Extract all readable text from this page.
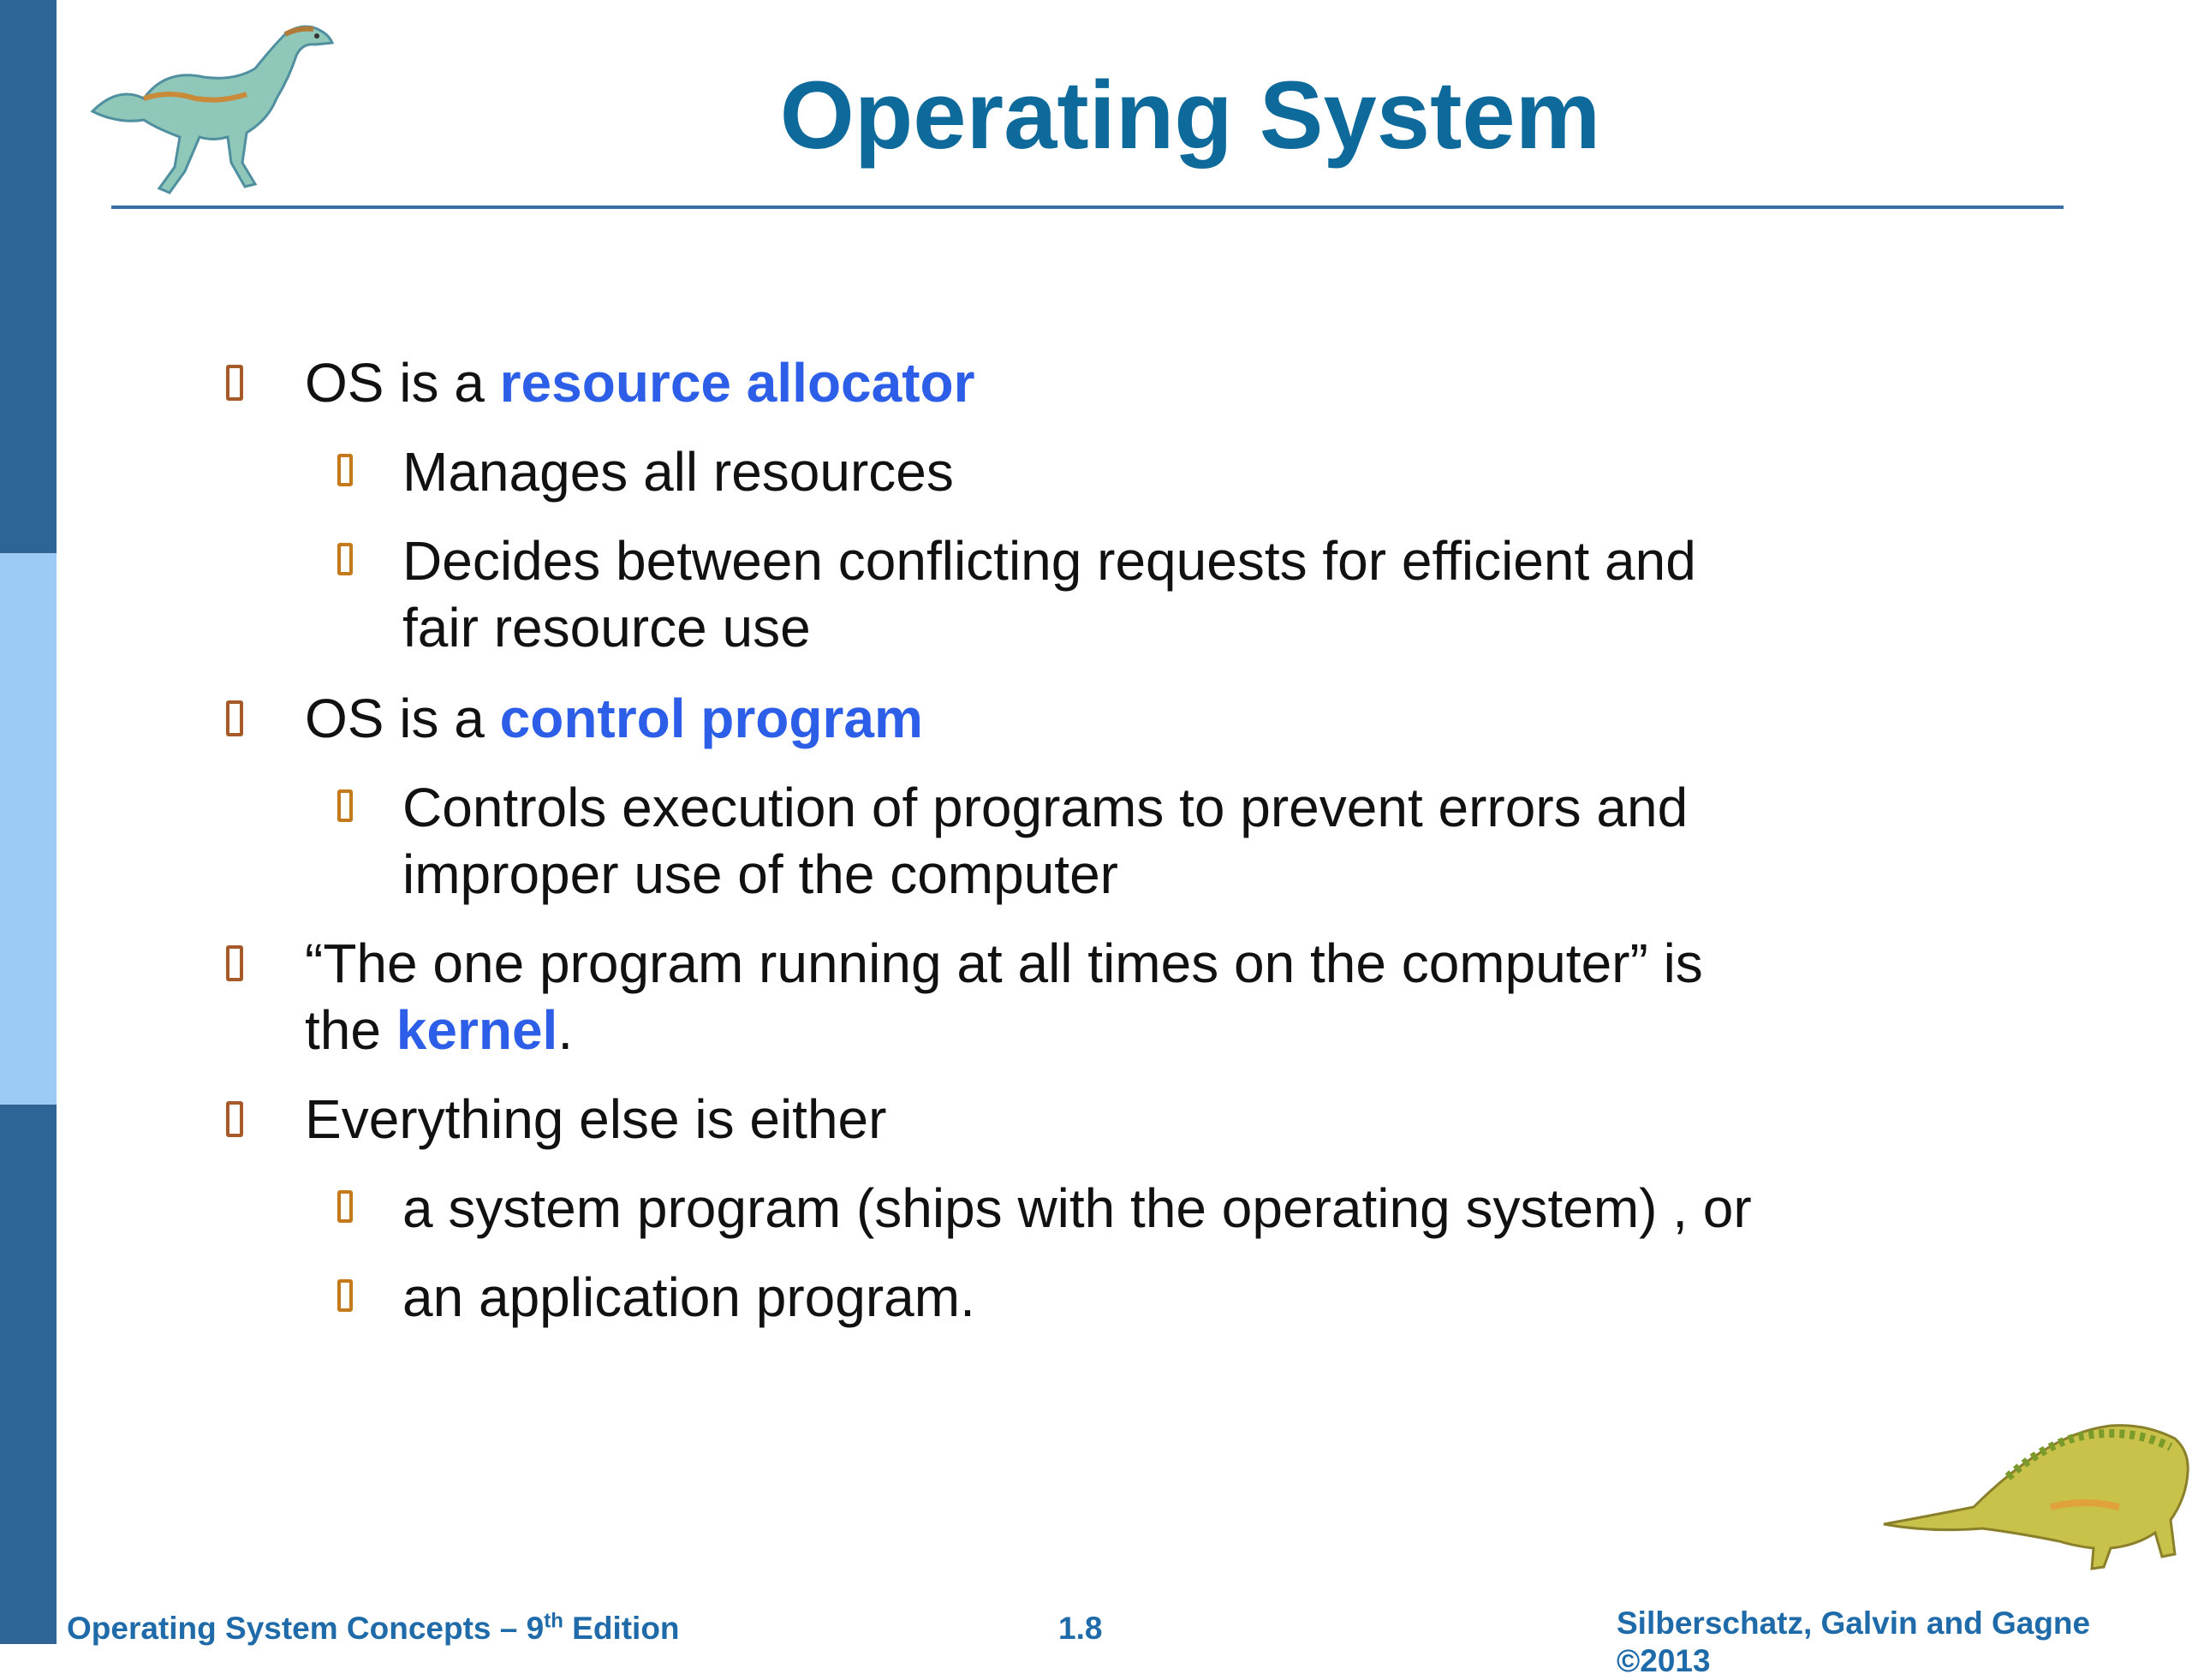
Operating System
OS is a resource allocator
Manages all resources
Decides between conflicting requests for efficient and
fair resource use
OS is a control program
Controls execution of programs to prevent errors and
improper use of the computer
“The one program running at all times on the computer” is
the kernel.
Everything else is either
a system program (ships with the operating system) , or
an application program.
Operating System Concepts – 9th Edition	1.8	Silberschatz, Galvin and Gagne ©2013
